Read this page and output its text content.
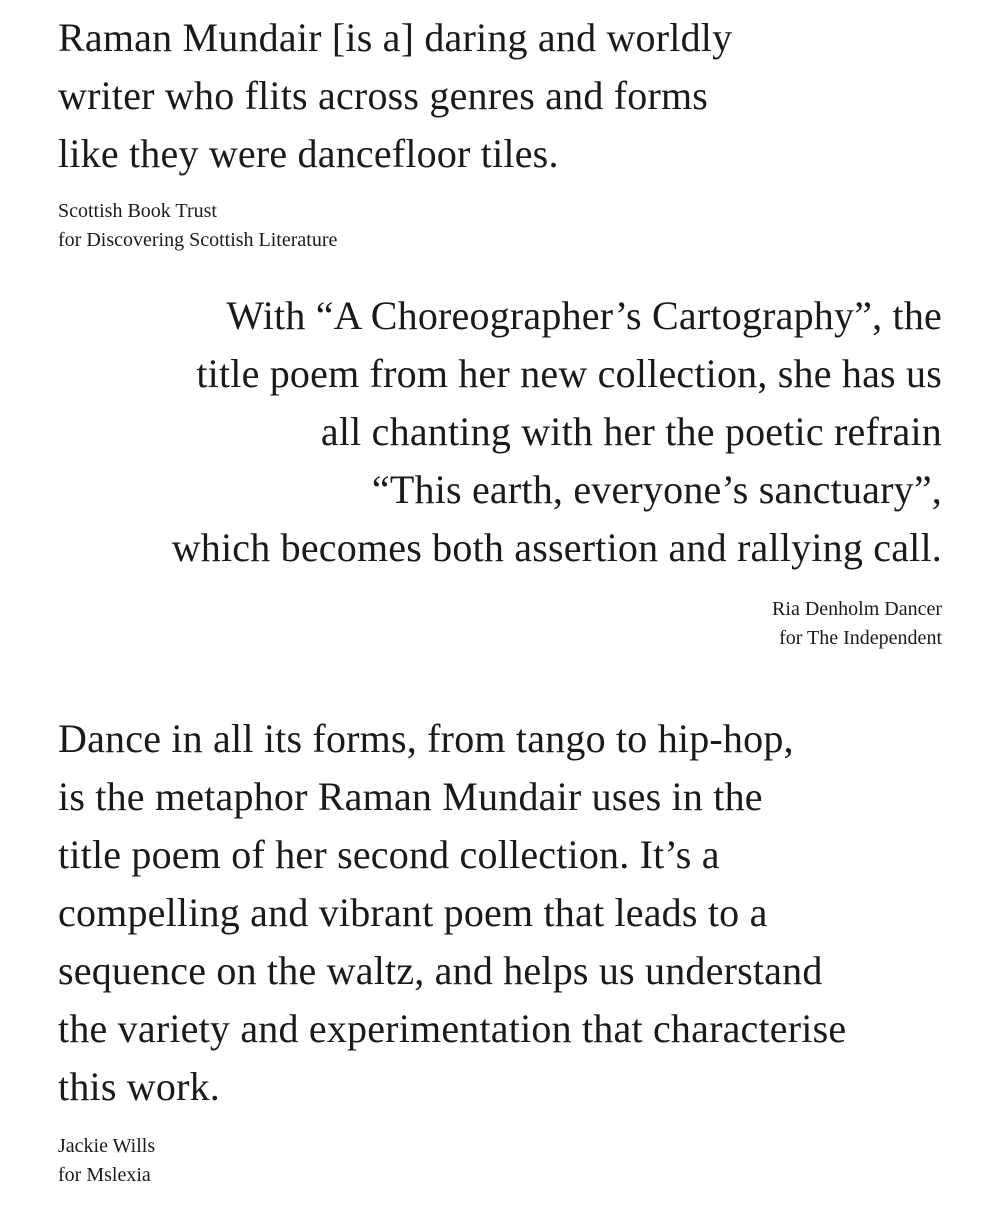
Raman Mundair [is a] daring and worldly
writer who flits across genres and forms
like they were dancefloor tiles.

Scottish Book Trust
for Discovering Scottish Literature

With “A Choreographer’s Cartography”, the
title poem from her new collection, she has us
all chanting with her the poetic refrain
“This earth, everyone’s sanctuary”,
which becomes both assertion and rallying call.

Ria Denholm Dancer
for The Independent

Dance in all its forms, from tango to hip-hop,
is the metaphor Raman Mundair uses in the
title poem of her second collection. It’s a
compelling and vibrant poem that leads to a
sequence on the waltz, and helps us understand
the variety and experimentation that characterise
this work.

Jackie Wills
for Mslexia
